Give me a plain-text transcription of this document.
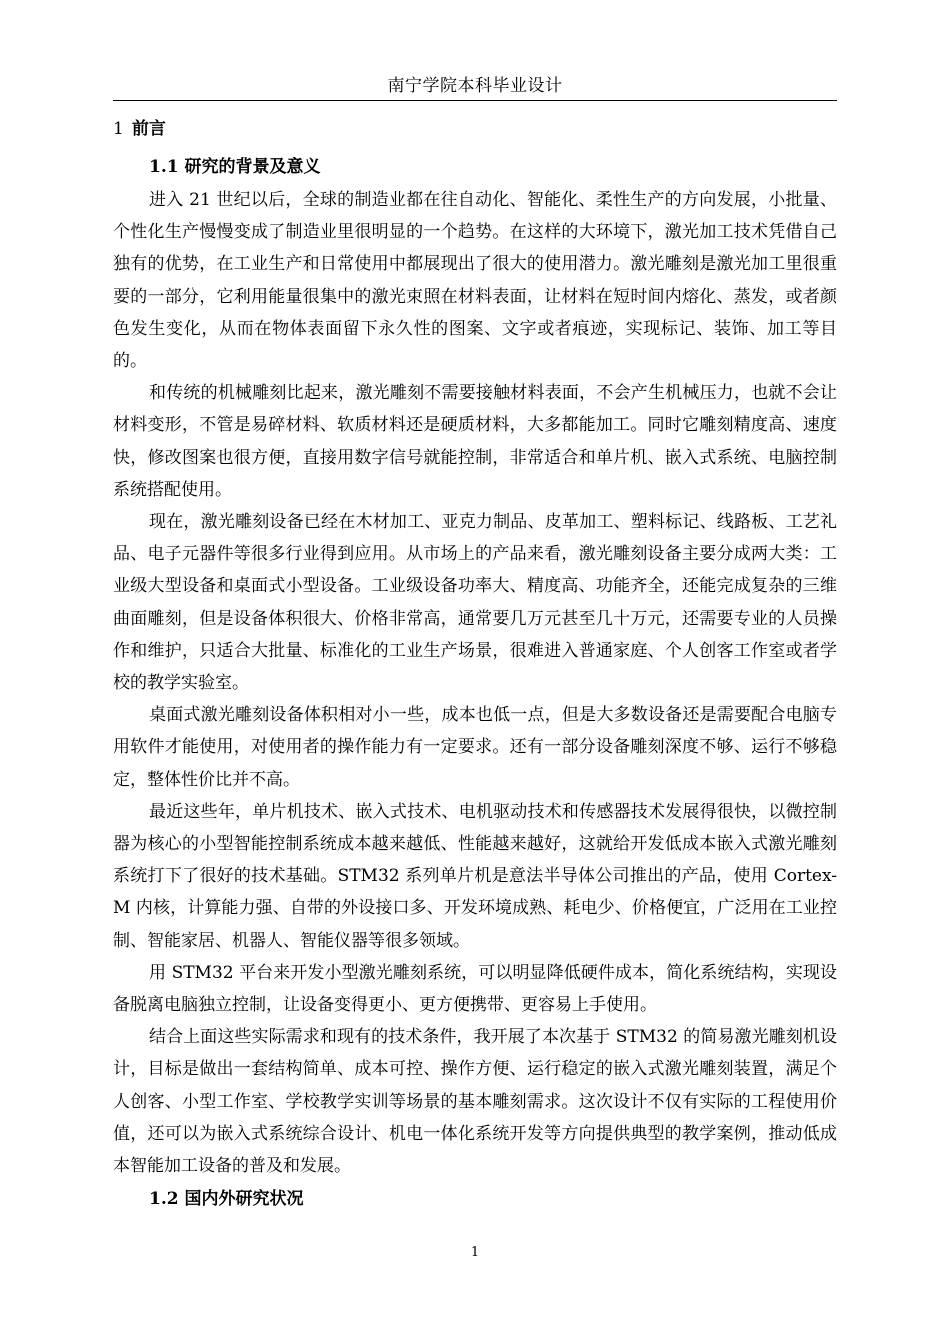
南宁学院本科毕业设计
1 前言
1.1 研究的背景及意义

进入 21 世纪以后，全球的制造业都在往自动化、智能化、柔性生产的方向发展，小批量、个性化生产慢慢变成了制造业里很明显的一个趋势。在这样的大环境下，激光加工技术凭借自己独有的优势，在工业生产和日常使用中都展现出了很大的使用潜力。激光雕刻是激光加工里很重要的一部分，它利用能量很集中的激光束照在材料表面，让材料在短时间内熔化、蒸发，或者颜色发生变化，从而在物体表面留下永久性的图案、文字或者痕迹，实现标记、装饰、加工等目的。

和传统的机械雕刻比起来，激光雕刻不需要接触材料表面，不会产生机械压力，也就不会让材料变形，不管是易碎材料、软质材料还是硬质材料，大多都能加工。同时它雕刻精度高、速度快，修改图案也很方便，直接用数字信号就能控制，非常适合和单片机、嵌入式系统、电脑控制系统搭配使用。

现在，激光雕刻设备已经在木材加工、亚克力制品、皮革加工、塑料标记、线路板、工艺礼品、电子元器件等很多行业得到应用。从市场上的产品来看，激光雕刻设备主要分成两大类：工业级大型设备和桌面式小型设备。工业级设备功率大、精度高、功能齐全，还能完成复杂的三维曲面雕刻，但是设备体积很大、价格非常高，通常要几万元甚至几十万元，还需要专业的人员操作和维护，只适合大批量、标准化的工业生产场景，很难进入普通家庭、个人创客工作室或者学校的教学实验室。

桌面式激光雕刻设备体积相对小一些，成本也低一点，但是大多数设备还是需要配合电脑专用软件才能使用，对使用者的操作能力有一定要求。还有一部分设备雕刻深度不够、运行不够稳定，整体性价比并不高。

最近这些年，单片机技术、嵌入式技术、电机驱动技术和传感器技术发展得很快，以微控制器为核心的小型智能控制系统成本越来越低、性能越来越好，这就给开发低成本嵌入式激光雕刻系统打下了很好的技术基础。STM32 系列单片机是意法半导体公司推出的产品，使用 Cortex-M 内核，计算能力强、自带的外设接口多、开发环境成熟、耗电少、价格便宜，广泛用在工业控制、智能家居、机器人、智能仪器等很多领域。

用 STM32 平台来开发小型激光雕刻系统，可以明显降低硬件成本，简化系统结构，实现设备脱离电脑独立控制，让设备变得更小、更方便携带、更容易上手使用。

结合上面这些实际需求和现有的技术条件，我开展了本次基于 STM32 的简易激光雕刻机设计，目标是做出一套结构简单、成本可控、操作方便、运行稳定的嵌入式激光雕刻装置，满足个人创客、小型工作室、学校教学实训等场景的基本雕刻需求。这次设计不仅有实际的工程使用价值，还可以为嵌入式系统综合设计、机电一体化系统开发等方向提供典型的教学案例，推动低成本智能加工设备的普及和发展。

1.2 国内外研究状况
1
